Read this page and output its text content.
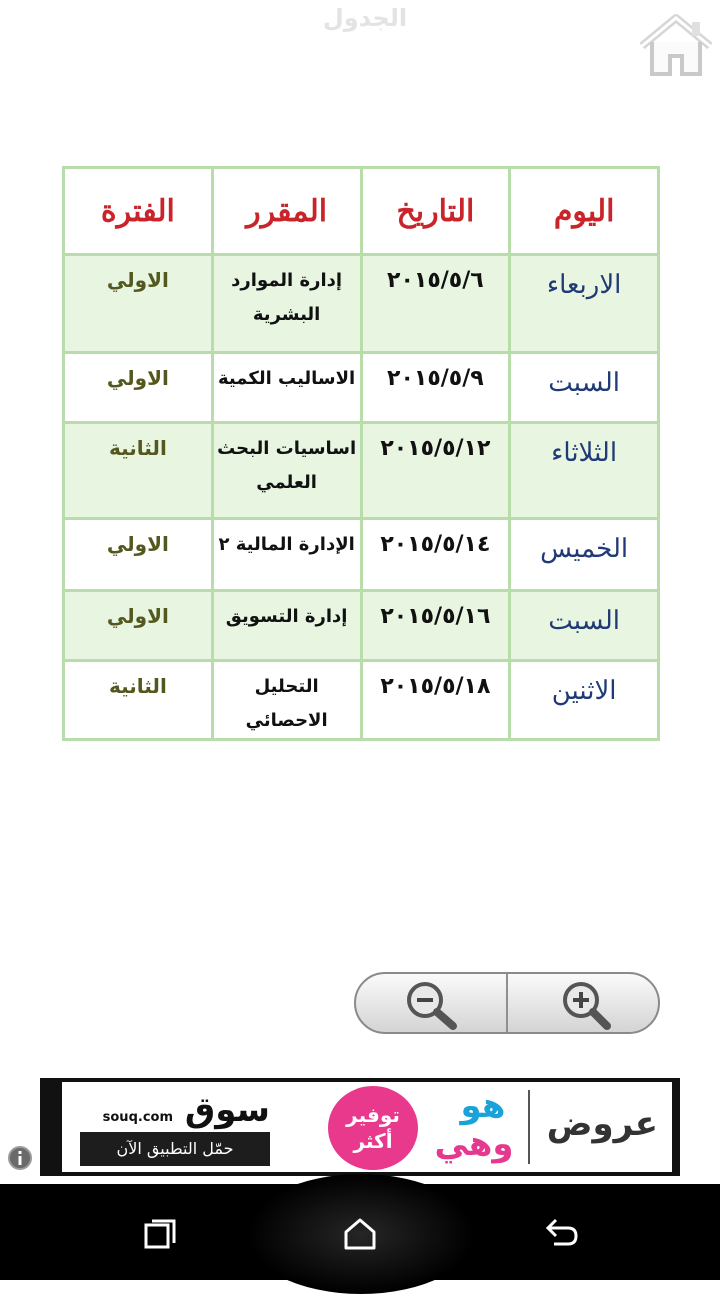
الجدول
اليوم	التاريخ	المقرر	الفترة
الاربعاء	٢٠١٥/٥/٦	إدارة الموارد البشرية	الاولي
السبت	٢٠١٥/٥/٩	الاساليب الكمية	الاولي
الثلاثاء	٢٠١٥/٥/١٢	اساسيات البحث العلمي	الثانية
الخميس	٢٠١٥/٥/١٤	الإدارة المالية ٢	الاولي
السبت	٢٠١٥/٥/١٦	إدارة التسويق	الاولي
الاثنين	٢٠١٥/٥/١٨	التحليل الاحصائي	الثانية
عروض
هو
وهي
توفير
أكثر
souq.com سوق
حمّل التطبيق الآن
